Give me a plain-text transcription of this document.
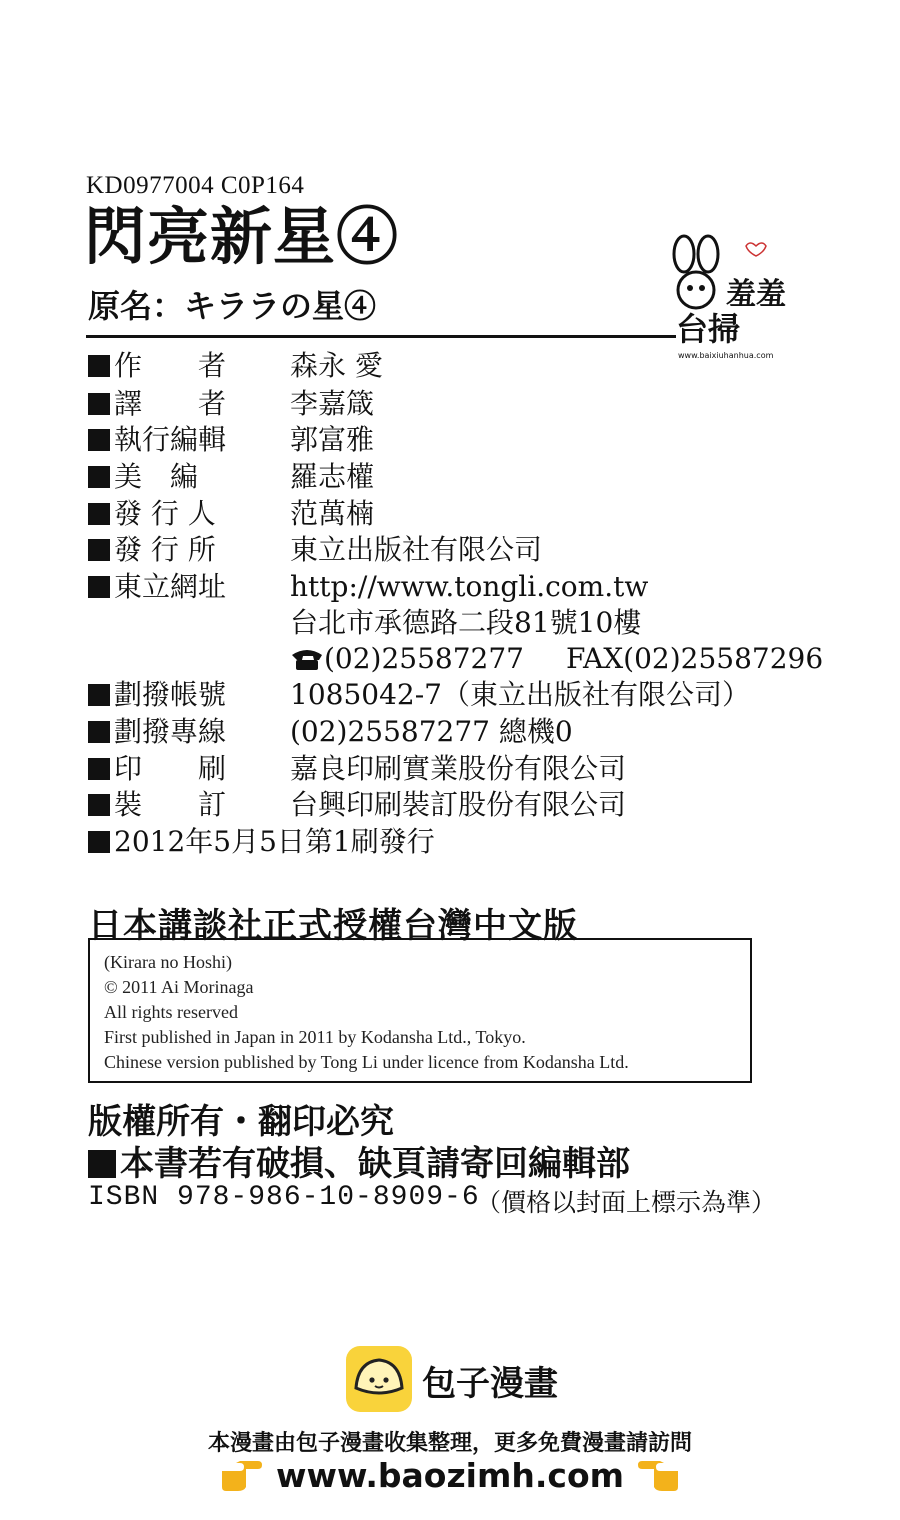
KD0977004 C0P164
閃亮新星④
原名：キララの星④	羞羞
台掃
www.baixiuhanhua.com
作　　者 森永 愛
譯　　者 李嘉箴
執行編輯 郭富雅
美　編	羅志權
發 行 人	范萬楠
發 行 所	東立出版社有限公司
東立網址 http://www.tongli.com.tw
台北市承德路二段81號10樓
(02)25587277 FAX(02)25587296
劃撥帳號 1085042-7（東立出版社有限公司）
劃撥專線 (02)25587277 總機0
印　　刷 嘉良印刷實業股份有限公司
裝　　訂 台興印刷裝訂股份有限公司
2012年5月5日第1刷發行
日本講談社正式授權台灣中文版
(Kirara no Hoshi)
© 2011 Ai Morinaga
All rights reserved
First published in Japan in 2011 by Kodansha Ltd., Tokyo.
Chinese version published by Tong Li under licence from Kodansha Ltd.
版權所有・翻印必究
本書若有破損、缺頁請寄回編輯部
ISBN 978-986-10-8909-6
（價格以封面上標示為準）
包子漫畫
本漫畫由包子漫畫收集整理，更多免費漫畫請訪問
www.baozimh.com
